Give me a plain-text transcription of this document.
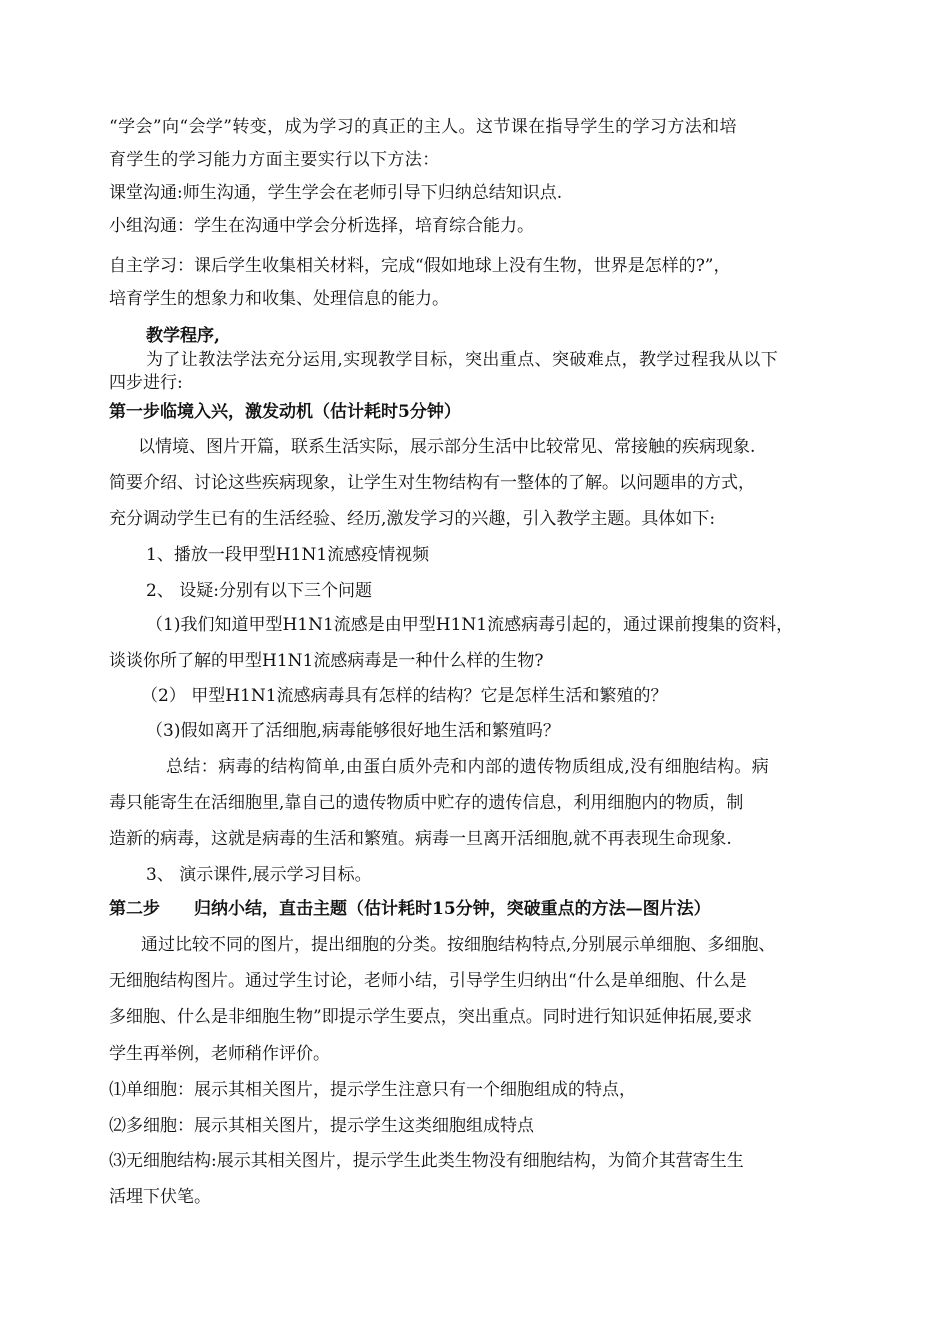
“学会”向“会学”转变，成为学习的真正的主人。这节课在指导学生的学习方法和培
育学生的学习能力方面主要实行以下方法：
课堂沟通:师生沟通，学生学会在老师引导下归纳总结知识点.
小组沟通：学生在沟通中学会分析选择，培育综合能力。
自主学习：课后学生收集相关材料，完成“假如地球上没有生物，世界是怎样的?”，
培育学生的想象力和收集、处理信息的能力。
教学程序,
为了让教法学法充分运用,实现教学目标，突出重点、突破难点，教学过程我从以下
四步进行:
第一步临境入兴，激发动机（估计耗时5分钟）
以情境、图片开篇，联系生活实际，展示部分生活中比较常见、常接触的疾病现象.
简要介绍、讨论这些疾病现象，让学生对生物结构有一整体的了解。以问题串的方式，
充分调动学生已有的生活经验、经历,激发学习的兴趣，引入教学主题。具体如下:
1、播放一段甲型H1N1流感疫情视频
2、 设疑:分别有以下三个问题
（1)我们知道甲型H1N1流感是由甲型H1N1流感病毒引起的，通过课前搜集的资料，
谈谈你所了解的甲型H1N1流感病毒是一种什么样的生物?
（2） 甲型H1N1流感病毒具有怎样的结构？它是怎样生活和繁殖的？
（3)假如离开了活细胞,病毒能够很好地生活和繁殖吗？
总结：病毒的结构简单,由蛋白质外壳和内部的遗传物质组成,没有细胞结构。病
毒只能寄生在活细胞里,靠自己的遗传物质中贮存的遗传信息，利用细胞内的物质，制
造新的病毒，这就是病毒的生活和繁殖。病毒一旦离开活细胞,就不再表现生命现象.
3、 演示课件,展示学习目标。
第二步　　归纳小结，直击主题（估计耗时15分钟，突破重点的方法—图片法）
通过比较不同的图片，提出细胞的分类。按细胞结构特点,分别展示单细胞、多细胞、
无细胞结构图片。通过学生讨论，老师小结，引导学生归纳出“什么是单细胞、什么是
多细胞、什么是非细胞生物”即提示学生要点，突出重点。同时进行知识延伸拓展,要求
学生再举例，老师稍作评价。
⑴单细胞：展示其相关图片，提示学生注意只有一个细胞组成的特点，
⑵多细胞：展示其相关图片，提示学生这类细胞组成特点
⑶无细胞结构:展示其相关图片，提示学生此类生物没有细胞结构，为简介其营寄生生
活埋下伏笔。
